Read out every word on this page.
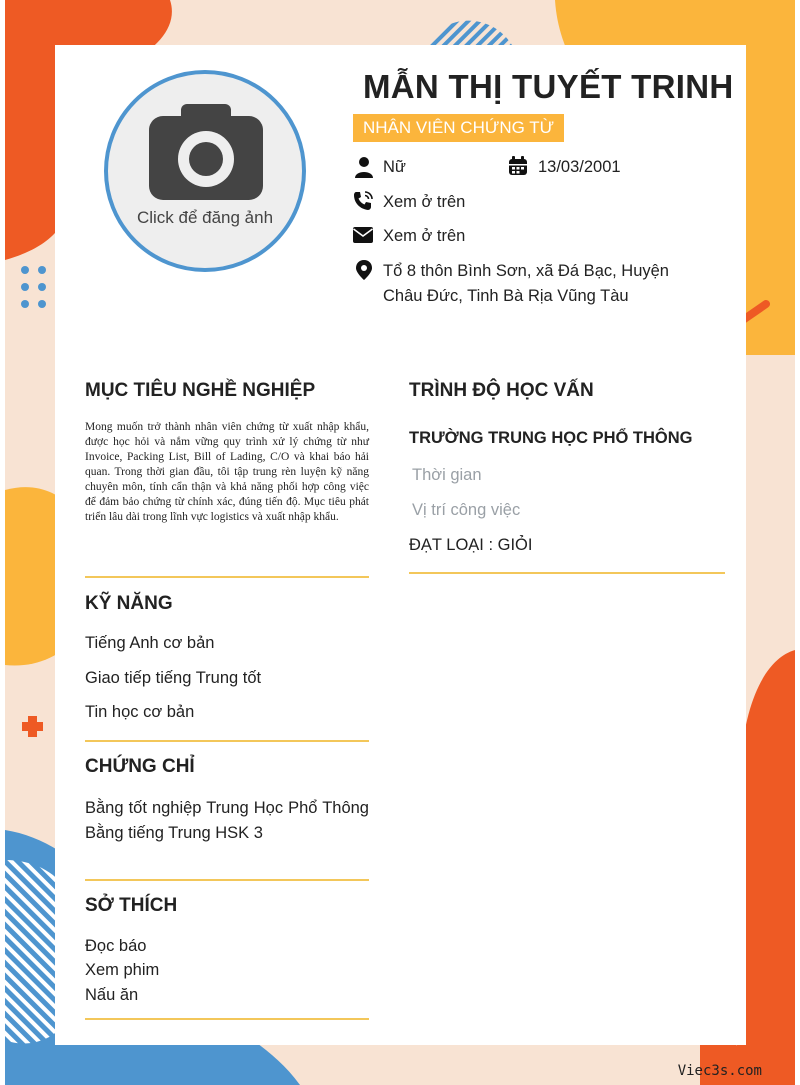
Click để đăng ảnh
MẪN THỊ TUYẾT TRINH
NHÂN VIÊN CHỨNG TỪ
Nữ	13/03/2001
Xem ở trên
Xem ở trên
Tổ 8 thôn Bình Sơn, xã Đá Bạc, Huyện
Châu Đức, Tinh Bà Rịa Vũng Tàu
MỤC TIÊU NGHỀ NGHIỆP
Mong muốn trở thành nhân viên chứng từ xuất nhập khẩu, được học hỏi và nắm vững quy trình xử lý chứng từ như Invoice, Packing List, Bill of Lading, C/O và khai báo hải quan. Trong thời gian đầu, tôi tập trung rèn luyện kỹ năng chuyên môn, tính cẩn thận và khả năng phối hợp công việc để đảm bảo chứng từ chính xác, đúng tiến độ. Mục tiêu phát triển lâu dài trong lĩnh vực logistics và xuất nhập khẩu.
KỸ NĂNG
Tiếng Anh cơ bản
Giao tiếp tiếng Trung tốt
Tin học cơ bản
CHỨNG CHỈ
Bằng tốt nghiệp Trung Học Phổ Thông Bằng tiếng Trung HSK 3
SỞ THÍCH
Đọc báo
Xem phim
Nấu ăn
TRÌNH ĐỘ HỌC VẤN
TRƯỜNG TRUNG HỌC PHỔ THÔNG
Thời gian
Vị trí công việc
ĐẠT LOẠI : GIỎI
Viec3s.com
